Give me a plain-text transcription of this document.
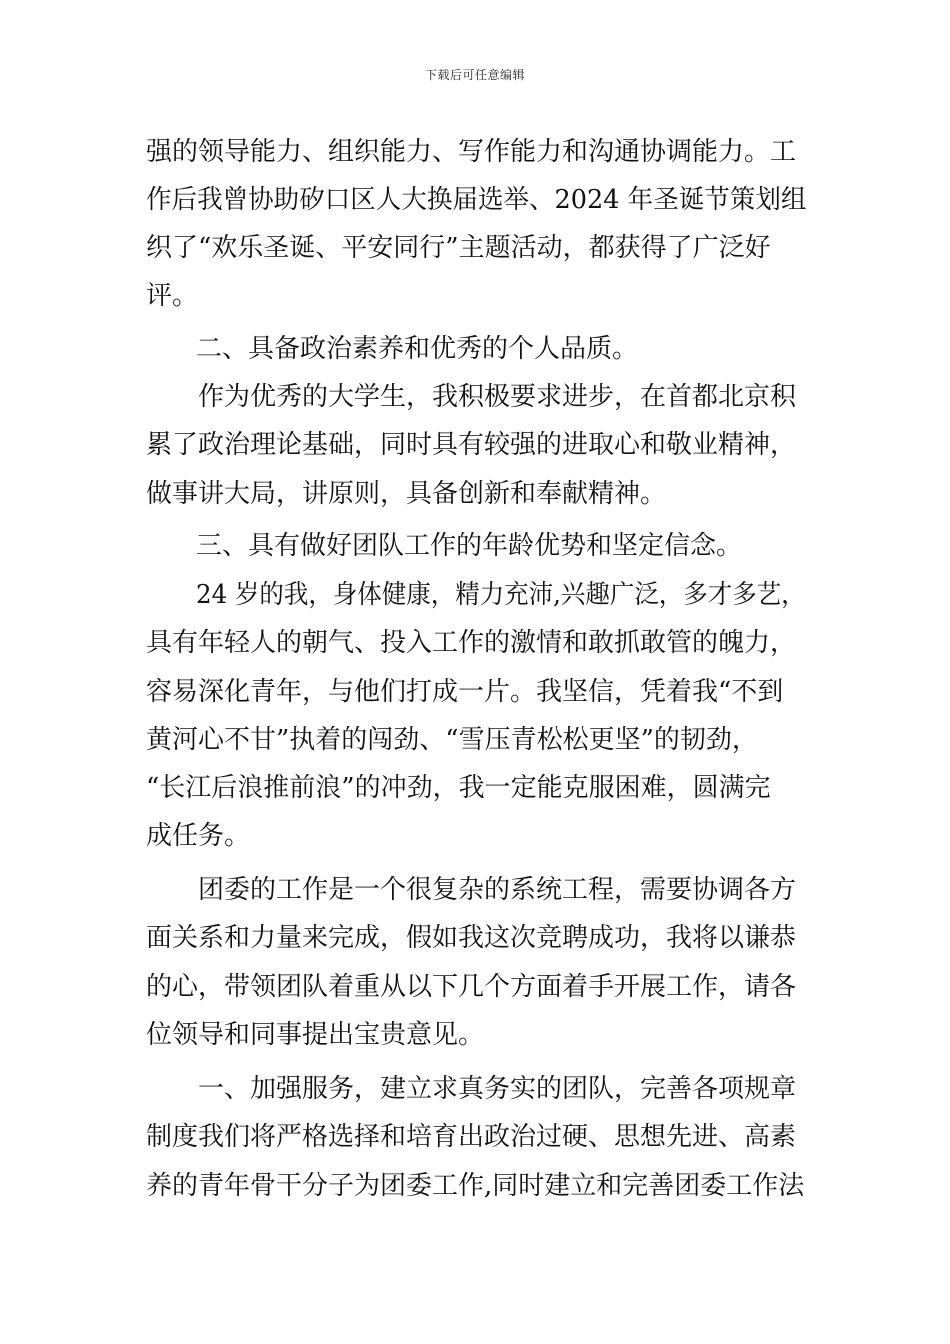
下载后可任意编辑
强的领导能力、组织能力、写作能力和沟通协调能力。工
作后我曾协助矽口区人大换届选举、2024 年圣诞节策划组
织了“欢乐圣诞、平安同行”主题活动，都获得了广泛好
评。
二、具备政治素养和优秀的个人品质。
作为优秀的大学生，我积极要求进步，在首都北京积
累了政治理论基础，同时具有较强的进取心和敬业精神，
做事讲大局，讲原则，具备创新和奉献精神。
三、具有做好团队工作的年龄优势和坚定信念。
24 岁的我，身体健康，精力充沛,兴趣广泛，多才多艺，
具有年轻人的朝气、投入工作的激情和敢抓敢管的魄力，
容易深化青年，与他们打成一片。我坚信，凭着我“不到
黄河心不甘”执着的闯劲、“雪压青松松更坚”的韧劲，
“长江后浪推前浪”的冲劲，我一定能克服困难，圆满完
成任务。
团委的工作是一个很复杂的系统工程，需要协调各方
面关系和力量来完成，假如我这次竞聘成功，我将以谦恭
的心，带领团队着重从以下几个方面着手开展工作，请各
位领导和同事提出宝贵意见。
一、加强服务，建立求真务实的团队，完善各项规章
制度我们将严格选择和培育出政治过硬、思想先进、高素
养的青年骨干分子为团委工作,同时建立和完善团委工作法
